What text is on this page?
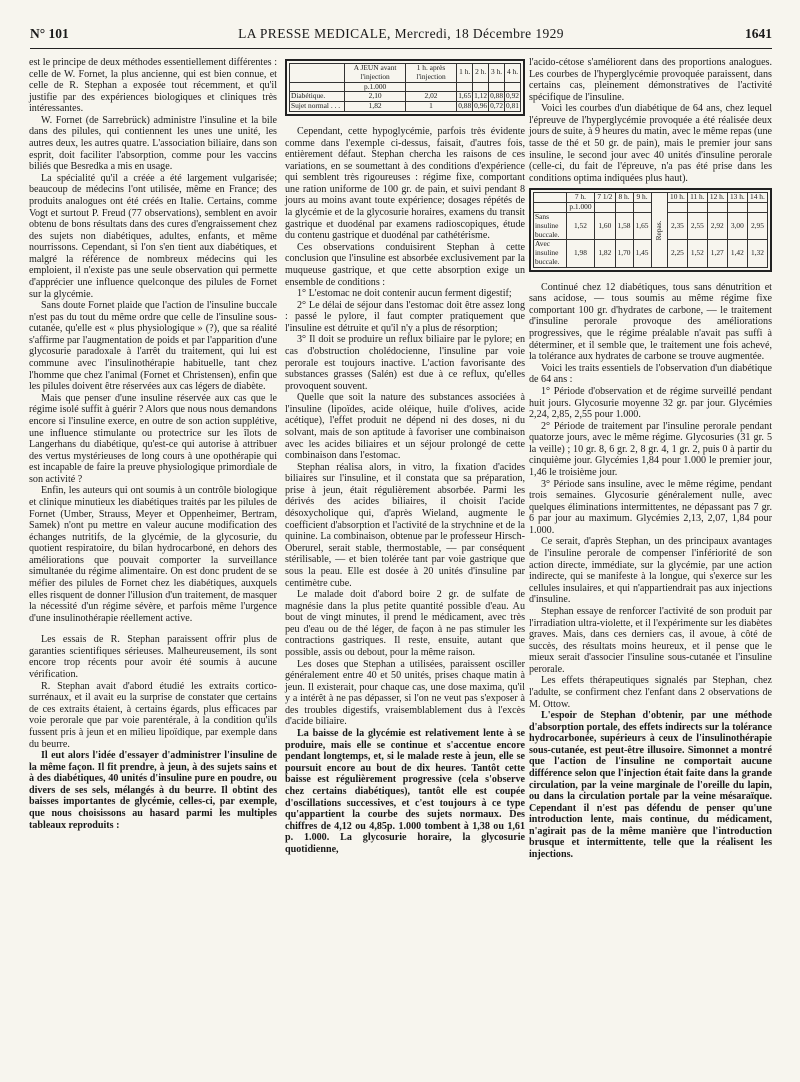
N° 101	LA PRESSE MEDICALE, Mercredi, 18 Décembre 1929	1641

est le principe de deux méthodes essentiellement différentes : celle de W. Fornet, la plus ancienne, qui est bien connue, et celle de R. Stephan a exposée tout récemment, et qu'il justifie par des expériences biologiques et cliniques très intéressantes.

W. Fornet (de Sarrebrück) administre l'insuline et la bile dans des pilules, qui contiennent les unes une unité, les autres deux, les autres quatre. L'association biliaire, dans son esprit, doit faciliter l'absorption, comme pour les vaccins biliés que Besredka a mis en usage.

La spécialité qu'il a créée a été largement vulgarisée; beaucoup de médecins l'ont utilisée, même en France; des produits analogues ont été créés en Italie. Certains, comme Vogt et surtout P. Freud (77 observations), semblent en avoir obtenu de bons résultats dans des cures d'engraissement chez des sujets non diabétiques, adultes, enfants, et même nourrissons. Cependant, si l'on s'en tient aux diabétiques, et malgré la référence de nombreux médecins qui les emploient, il n'existe pas une seule observation qui permette d'apprécier une influence quelconque des pilules de Fornet sur la glycémie.

Sans doute Fornet plaide que l'action de l'insuline buccale n'est pas du tout du même ordre que celle de l'insuline sous-cutanée, qu'elle est « plus physiologique » (?), que sa réalité s'affirme par l'augmentation de poids et par l'apparition d'une glycosurie paradoxale à l'arrêt du traitement, qui lui est commune avec l'insulinothérapie habituelle, tant chez l'homme que chez l'animal (Fornet et Christensen), enfin que les pilules doivent être réservées aux cas légers de diabète.

Mais que penser d'une insuline réservée aux cas que le régime isolé suffit à guérir ? Alors que nous nous demandons encore si l'insuline exerce, en outre de son action supplétive, une influence stimulante ou protectrice sur les îlots de Langerhans du diabétique, qu'est-ce qui autorise à attribuer des vertus mystérieuses de long cours à une opothérapie qui est incapable de faire la preuve physiologique primordiale de son activité ?

Enfin, les auteurs qui ont soumis à un contrôle biologique et clinique minutieux les diabétiques traités par les pilules de Fornet (Umber, Strauss, Meyer et Oppenheimer, Bertram, Samek) n'ont pu mettre en valeur aucune modification des échanges nutritifs, de la glycémie, de la glycosurie, du quotient respiratoire, du bilan hydrocarboné, en dehors des améliorations que pouvait comporter la surveillance simultanée du régime alimentaire. On est donc prudent de se méfier des pilules de Fornet chez les diabétiques, auxquels elles risquent de donner l'illusion d'un traitement, de masquer la nécessité d'un régime sévère, et parfois même l'urgence d'une insulinothérapie réellement active.

Les essais de R. Stephan paraissent offrir plus de garanties scientifiques sérieuses. Malheureusement, ils sont encore trop récents pour avoir été soumis à aucune vérification.

R. Stephan avait d'abord étudié les extraits cortico-surrénaux, et il avait eu la surprise de constater que certains de ces extraits étaient, à certains égards, plus efficaces par voie perorale que par voie parentérale, à la condition qu'ils fussent pris à jeun et en milieu lipoïdique, par exemple dans du beurre.

Il eut alors l'idée d'essayer d'administrer l'insuline de la même façon. Il fit prendre, à jeun, à des sujets sains et à des diabétiques, 40 unités d'insuline pure en poudre, ou divers de ses sels, mélangés à du beurre. Il obtint des baisses importantes de glycémie, celles-ci, par exemple, que nous choisissons au hasard parmi les multiples tableaux reproduits :

	A JEUN avant l'injection	1 h. après l'injection	1 h.	2 h.	3 h.	4 h.
	p.1.000					
Diabétique.	2,10	2,02	1,65	1,12	0,88	0,92
Sujet normal . . .	1,82	1	0,88	0,96	0,72	0,81

Cependant, cette hypoglycémie, parfois très évidente comme dans l'exemple ci-dessus, faisait, d'autres fois, entièrement défaut. Stephan chercha les raisons de ces variations, en se soumettant à des conditions d'expérience qui semblent très rigoureuses : régime fixe, comportant une ration uniforme de 100 gr. de pain, et suivi pendant 8 jours au moins avant toute expérience; dosages répétés de la glycémie et de la glycosurie horaires, examens du transit gastrique et duodénal par examens radioscopiques, étude du contenu gastrique et duodénal par cathétérisme.

Ces observations conduisirent Stephan à cette conclusion que l'insuline est absorbée exclusivement par la muqueuse gastrique, et que cette absorption exige un ensemble de conditions :

1° L'estomac ne doit contenir aucun ferment digestif;

2° Le délai de séjour dans l'estomac doit être assez long : passé le pylore, il faut compter pratiquement que l'insuline est détruite et qu'il n'y a plus de résorption;

3° Il doit se produire un reflux biliaire par le pylore; en cas d'obstruction cholédocienne, l'insuline par voie perorale est toujours inactive. L'action favorisante des substances grasses (Salén) est due à ce reflux, qu'elles provoquent souvent.

Quelle que soit la nature des substances associées à l'insuline (lipoïdes, acide oléique, huile d'olives, acide acétique), l'effet produit ne dépend ni des doses, ni du solvant, mais de son aptitude à favoriser une combinaison avec les acides biliaires et un séjour prolongé de cette combinaison dans l'estomac.

Stephan réalisa alors, in vitro, la fixation d'acides biliaires sur l'insuline, et il constata que sa préparation, prise à jeun, était régulièrement absorbée. Parmi les dérivés des acides biliaires, il choisit l'acide désoxycholique qui, d'après Wieland, augmente le coefficient d'absorption et l'activité de la strychnine et de la quinine. La combinaison, obtenue par le professeur Hirsch-Oberurel, serait stable, thermostable, — par conséquent stérilisable, — et bien tolérée tant par voie gastrique que sous la peau. Elle est dosée à 20 unités d'insuline par centimètre cube.

Le malade doit d'abord boire 2 gr. de sulfate de magnésie dans la plus petite quantité possible d'eau. Au bout de vingt minutes, il prend le médicament, avec très peu d'eau ou de thé léger, de façon à ne pas stimuler les contractions gastriques. Il reste, ensuite, autant que possible, assis ou debout, pour la même raison.

Les doses que Stephan a utilisées, paraissent osciller généralement entre 40 et 50 unités, prises chaque matin à jeun. Il existerait, pour chaque cas, une dose maxima, qu'il y a intérêt à ne pas dépasser, si l'on ne veut pas s'exposer à des troubles digestifs, vraisemblablement dus à l'excès d'acide biliaire.

La baisse de la glycémie est relativement lente à se produire, mais elle se continue et s'accentue encore pendant longtemps, et, si le malade reste à jeun, elle se poursuit encore au bout de dix heures. Tantôt cette baisse est régulièrement progressive (cela s'observe chez certains diabétiques), tantôt elle est coupée d'oscillations successives, et c'est toujours à ce type qu'appartient la courbe des sujets normaux. Des chiffres de 4,12 ou 4,85p. 1.000 tombent à 1,38 ou 1,61 p. 1.000. La glycosurie horaire, la glycosurie quotidienne,

l'acido-cétose s'améliorent dans des proportions analogues. Les courbes de l'hyperglycémie provoquée paraissent, dans certains cas, pleinement démonstratives de l'activité spécifique de l'insuline.

Voici les courbes d'un diabétique de 64 ans, chez lequel l'épreuve de l'hyperglycémie provoquée a été réalisée deux jours de suite, à 9 heures du matin, avec le même repas (une tasse de thé et 50 gr. de pain), mais le premier jour sans insuline, le second jour avec 40 unités d'insuline perorale (celle-ci, du fait de l'épreuve, n'a pas été prise dans les conditions optima indiquées plus haut).

	7 h.	7 1/2	8 h.	9 h.	Repas.	10 h.	11 h.	12 h.	13 h.	14 h.
	p.1.000									
Sans insuline buccale.	1,52	1,60	1,58	1,65		2,35	2,55	2,92	3,00	2,95
Avec insuline buccale.	1,98	1,82	1,70	1,45		2,25	1,52	1,27	1,42	1,32

Continué chez 12 diabétiques, tous sans dénutrition et sans acidose, — tous soumis au même régime fixe comportant 100 gr. d'hydrates de carbone, — le traitement d'insuline perorale provoque des améliorations progressives, que le régime préalable n'avait pas suffi à déterminer, et il semble que, le traitement une fois achevé, la tolérance aux hydrates de carbone se trouve augmentée.

Voici les traits essentiels de l'observation d'un diabétique de 64 ans :

1° Période d'observation et de régime surveillé pendant huit jours. Glycosurie moyenne 32 gr. par jour. Glycémies 2,24, 2,85, 2,55 pour 1.000.

2° Période de traitement par l'insuline perorale pendant quatorze jours, avec le même régime. Glycosuries (31 gr. 5 la veille) ; 10 gr. 8, 6 gr. 2, 8 gr. 4, 1 gr. 2, puis 0 à partir du cinquième jour. Glycémies 1,84 pour 1.000 le premier jour, 1,46 le troisième jour.

3° Période sans insuline, avec le même régime, pendant trois semaines. Glycosurie généralement nulle, avec quelques éliminations intermittentes, ne dépassant pas 7 gr. 6 par jour au maximum. Glycémies 2,13, 2,07, 1,84 pour 1.000.

Ce serait, d'après Stephan, un des principaux avantages de l'insuline perorale de compenser l'infériorité de son action directe, immédiate, sur la glycémie, par une action indirecte, qui se manifeste à la longue, qui s'exerce sur les cellules insulaires, et qui n'appartiendrait pas aux injections d'insuline.

Stephan essaye de renforcer l'activité de son produit par l'irradiation ultra-violette, et il l'expérimente sur les diabètes graves. Mais, dans ces derniers cas, il avoue, à côté de succès, des résultats moins heureux, et il pense que le mieux serait d'associer l'insuline sous-cutanée et l'insuline perorale.

Les effets thérapeutiques signalés par Stephan, chez l'adulte, se confirment chez l'enfant dans 2 observations de M. Ottow.

L'espoir de Stephan d'obtenir, par une méthode d'absorption portale, des effets indirects sur la tolérance hydrocarbonée, supérieurs à ceux de l'insulinothérapie sous-cutanée, est peut-être illusoire. Simonnet a montré que l'action de l'insuline ne comportait aucune différence selon que l'injection était faite dans la grande circulation, par la veine marginale de l'oreille du lapin, ou dans la circulation portale par la veine mésaraïque. Cependant il n'est pas défendu de penser qu'une introduction lente, mais continue, du médicament, n'agirait pas de la même manière que l'introduction brusque et intermittente, telle que la réalisent les injections.
